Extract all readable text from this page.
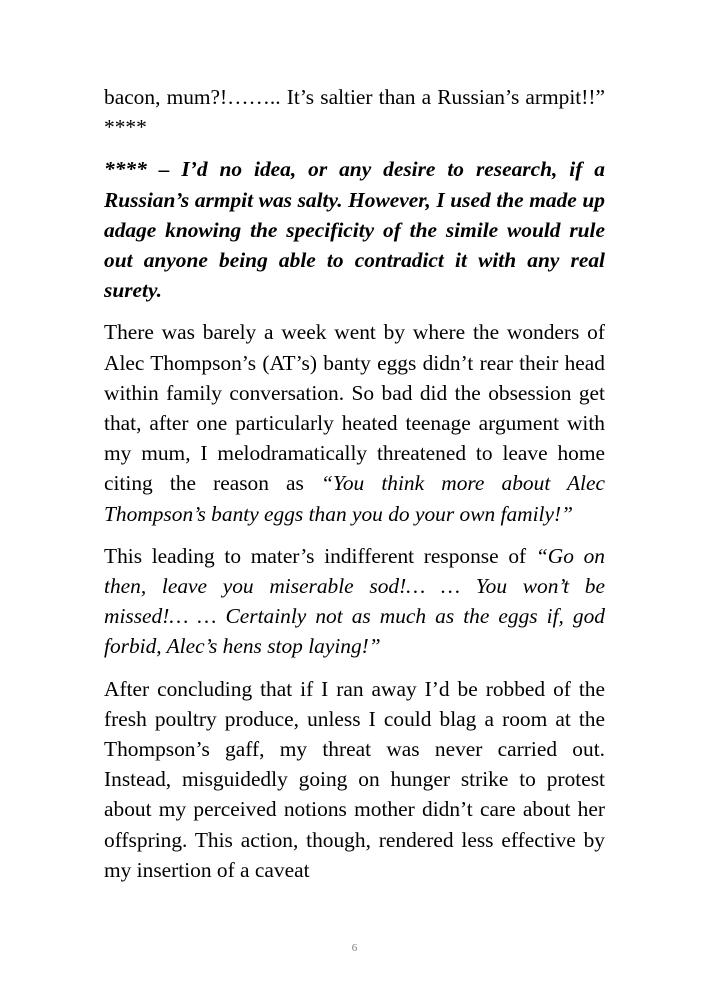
bacon, mum?!…….. It’s saltier than a Russian’s armpit!!” ****

**** – I’d no idea, or any desire to research, if a Russian’s armpit was salty. However, I used the made up adage knowing the specificity of the simile would rule out anyone being able to contradict it with any real surety.

There was barely a week went by where the wonders of Alec Thompson’s (AT’s) banty eggs didn’t rear their head within family conversation. So bad did the obsession get that, after one particularly heated teenage argument with my mum, I melodramatically threatened to leave home citing the reason as “You think more about Alec Thompson’s banty eggs than you do your own family!”

This leading to mater’s indifferent response of “Go on then, leave you miserable sod!… … You won’t be missed!… … Certainly not as much as the eggs if, god forbid, Alec’s hens stop laying!”

After concluding that if I ran away I’d be robbed of the fresh poultry produce, unless I could blag a room at the Thompson’s gaff, my threat was never carried out. Instead, misguidedly going on hunger strike to protest about my perceived notions mother didn’t care about her offspring. This action, though, rendered less effective by my insertion of a caveat

6
